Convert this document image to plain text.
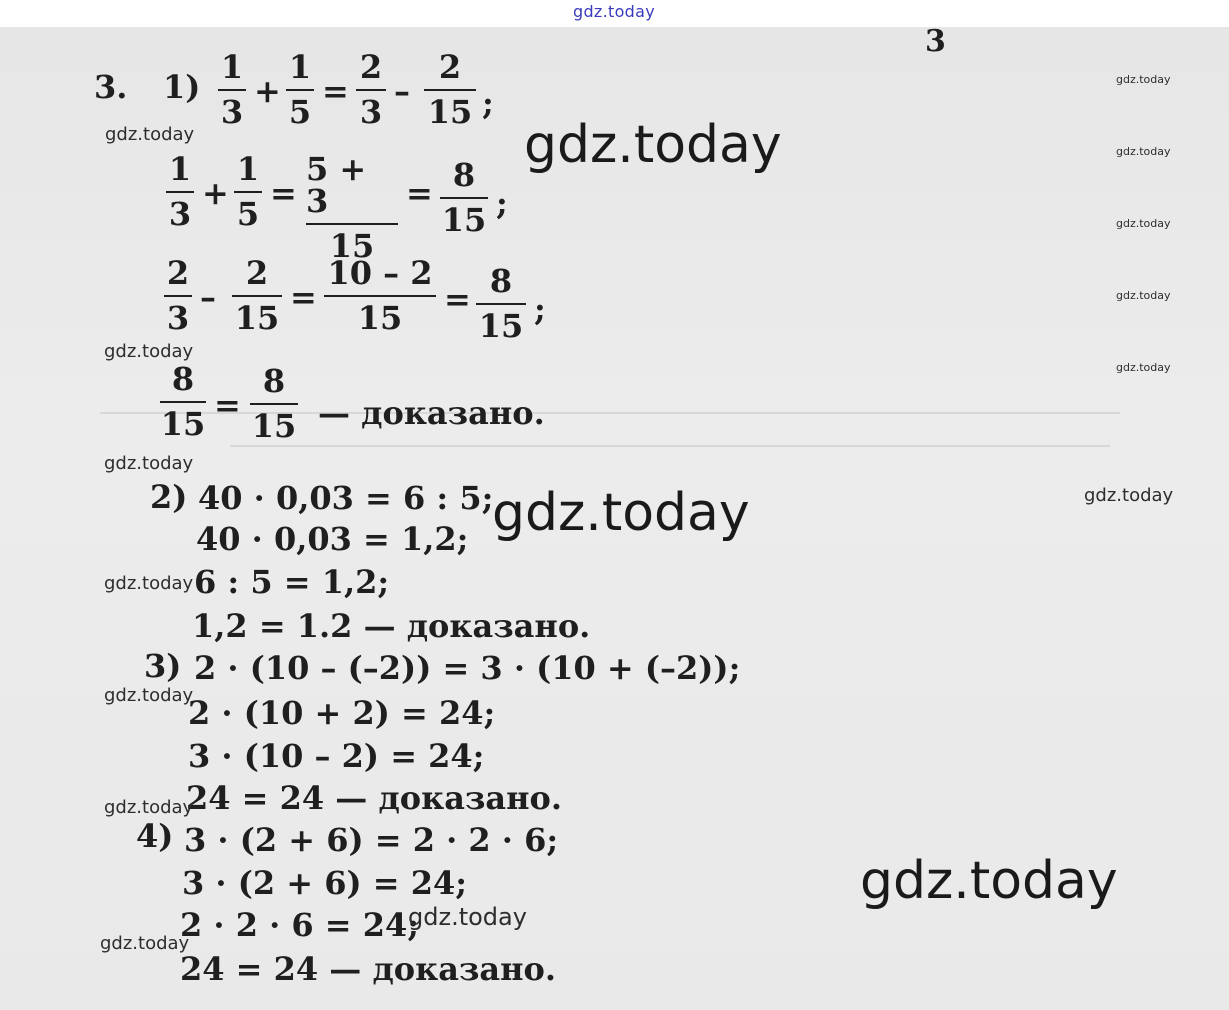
gdz.today
3
3. 1)
1
3
+
1
5
=
2
3
–
2
15 ;
1
3
+
1
5
=
5 + 3
15
= 8
15 ;
2
3
–
2
15
=
10 – 2
15 = 8
15 ;
8
15 =
8
15 — доказано.
2) 40 · 0,03 = 6 : 5;
40 · 0,03 = 1,2;
6 : 5 = 1,2;
1,2 = 1.2 — доказано.
3) 2 · (10 – (–2)) = 3 · (10 + (–2));
2 · (10 + 2) = 24;
3 · (10 – 2) = 24;
24 = 24 — доказано.
4) 3 · (2 + 6) = 2 · 2 · 6;
3 · (2 + 6) = 24;
2 · 2 · 6 = 24;
24 = 24 — доказано.
gdz.today
gdz.today
gdz.today
gdz.today
gdz.today
gdz.today
gdz.today
gdz.today
gdz.today
gdz.today
gdz.today
gdz.today
gdz.today
gdz.today
gdz.today
gdz.today
gdz.today
